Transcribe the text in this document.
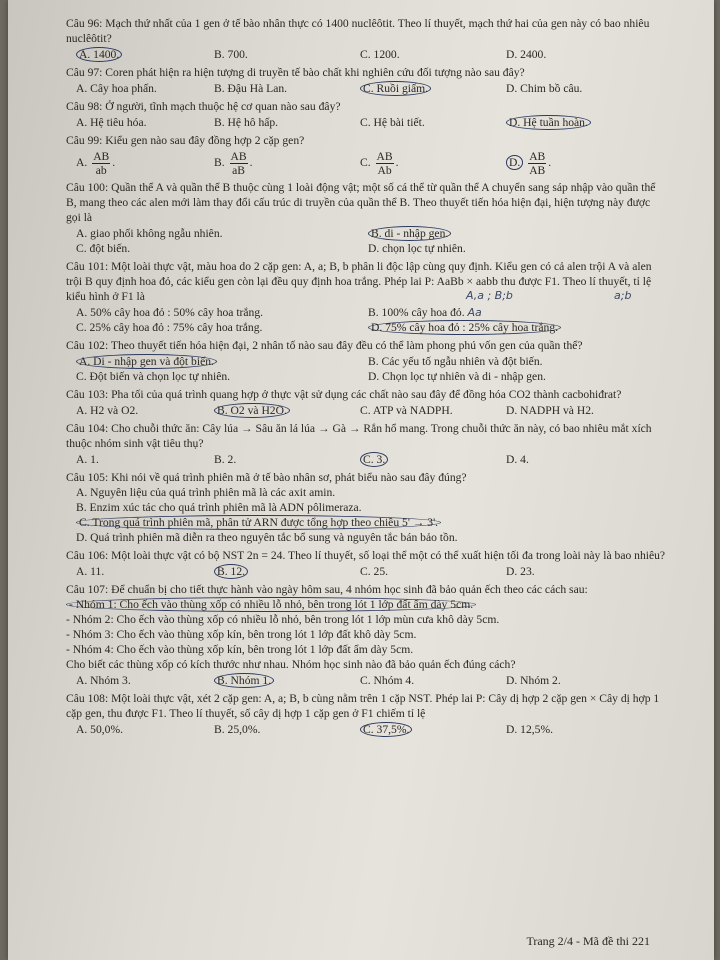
Câu 96: Mạch thứ nhất của 1 gen ở tế bào nhân thực có 1400 nuclêôtit. Theo lí thuyết, mạch thứ hai của gen này có bao nhiêu nuclêôtit?
A. 1400.	B. 700.	C. 1200.	D. 2400.
Câu 97: Coren phát hiện ra hiện tượng di truyền tế bào chất khi nghiên cứu đối tượng nào sau đây?
A. Cây hoa phấn.	B. Đậu Hà Lan.	C. Ruồi giấm.	D. Chim bồ câu.
Câu 98: Ở người, tĩnh mạch thuộc hệ cơ quan nào sau đây?
A. Hệ tiêu hóa.	B. Hệ hô hấp.	C. Hệ bài tiết.	D. Hệ tuần hoàn.
Câu 99: Kiểu gen nào sau đây đồng hợp 2 cặp gen?
A. $\frac{AB}{ab}$ .	B. $\frac{AB}{aB}$ .	C. $\frac{AB}{Ab}$ .	D. $\frac{AB}{AB}$ .
Câu 100: Quần thể A và quần thể B thuộc cùng 1 loài động vật; một số cá thể từ quần thể A chuyển sang sáp nhập vào quần thể B, mang theo các alen mới làm thay đổi cấu trúc di truyền của quần thể B. Theo thuyết tiến hóa hiện đại, hiện tượng này được gọi là
A. giao phối không ngẫu nhiên.	B. di - nhập gen.
C. đột biến.	D. chọn lọc tự nhiên.
Câu 101: Một loài thực vật, màu hoa do 2 cặp gen: A, a; B, b phân li độc lập cùng quy định. Kiểu gen có cả alen trội A và alen trội B quy định hoa đỏ, các kiểu gen còn lại đều quy định hoa trắng. Phép lai P: AaBb × aabb thu được F1. Theo lí thuyết, tỉ lệ kiểu hình ở F1 là	A,a ; B;b	a;b
A. 50% cây hoa đỏ : 50% cây hoa trắng.	B. 100% cây hoa đỏ. Aa
C. 25% cây hoa đỏ : 75% cây hoa trắng.	D. 75% cây hoa đỏ : 25% cây hoa trắng.
Câu 102: Theo thuyết tiến hóa hiện đại, 2 nhân tố nào sau đây đều có thể làm phong phú vốn gen của quần thể?
A. Di - nhập gen và đột biến.	B. Các yếu tố ngẫu nhiên và đột biến.
C. Đột biến và chọn lọc tự nhiên.	D. Chọn lọc tự nhiên và di - nhập gen.
Câu 103: Pha tối của quá trình quang hợp ở thực vật sử dụng các chất nào sau đây để đồng hóa CO2 thành cacbohiđrat?
A. H2 và O2.	B. O2 và H2O.	C. ATP và NADPH.	D. NADPH và H2.
Câu 104: Cho chuỗi thức ăn: Cây lúa → Sâu ăn lá lúa → Gà → Rắn hổ mang. Trong chuỗi thức ăn này, có bao nhiêu mắt xích thuộc nhóm sinh vật tiêu thụ?
A. 1.	B. 2.	C. 3.	D. 4.
Câu 105: Khi nói về quá trình phiên mã ở tế bào nhân sơ, phát biểu nào sau đây đúng?
A. Nguyên liệu của quá trình phiên mã là các axit amin.
B. Enzim xúc tác cho quá trình phiên mã là ADN pôlimeraza.
C. Trong quá trình phiên mã, phân tử ARN được tổng hợp theo chiều 5' → 3'.
D. Quá trình phiên mã diễn ra theo nguyên tắc bổ sung và nguyên tắc bán bảo tồn.
Câu 106: Một loài thực vật có bộ NST 2n = 24. Theo lí thuyết, số loại thể một có thể xuất hiện tối đa trong loài này là bao nhiêu?
A. 11.	B. 12.	C. 25.	D. 23.
Câu 107: Để chuẩn bị cho tiết thực hành vào ngày hôm sau, 4 nhóm học sinh đã bảo quản ếch theo các cách sau:
- Nhóm 1: Cho ếch vào thùng xốp có nhiều lỗ nhỏ, bên trong lót 1 lớp đất ẩm dày 5cm.
- Nhóm 2: Cho ếch vào thùng xốp có nhiều lỗ nhỏ, bên trong lót 1 lớp mùn cưa khô dày 5cm.
- Nhóm 3: Cho ếch vào thùng xốp kín, bên trong lót 1 lớp đất khô dày 5cm.
- Nhóm 4: Cho ếch vào thùng xốp kín, bên trong lót 1 lớp đất ẩm dày 5cm.
Cho biết các thùng xốp có kích thước như nhau. Nhóm học sinh nào đã bảo quản ếch đúng cách?
A. Nhóm 3.	B. Nhóm 1.	C. Nhóm 4.	D. Nhóm 2.
Câu 108: Một loài thực vật, xét 2 cặp gen: A, a; B, b cùng nằm trên 1 cặp NST. Phép lai P: Cây dị hợp 2 cặp gen × Cây dị hợp 1 cặp gen, thu được F1. Theo lí thuyết, số cây dị hợp 1 cặp gen ở F1 chiếm tỉ lệ
A. 50,0%.	B. 25,0%.	C. 37,5%.	D. 12,5%.
Trang 2/4 - Mã đề thi 221
